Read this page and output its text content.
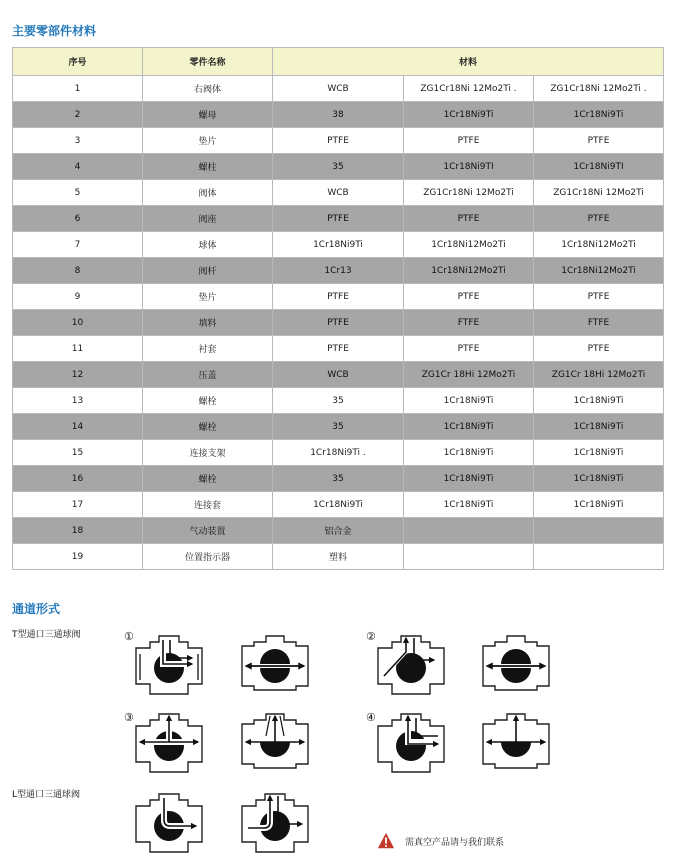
主要零部件材料
序号	零件名称	材料		
1	右阀体	WCB	ZG1Cr18Ni 12Mo2Ti .	ZG1Cr18Ni 12Mo2Ti .
2	螺母	38	1Cr18Ni9Ti	1Cr18Ni9Ti
3	垫片	PTFE	PTFE	PTFE
4	螺柱	35	1Cr18Ni9TI	1Cr18Ni9TI
5	阀体	WCB	ZG1Cr18Ni 12Mo2Ti	ZG1Cr18Ni 12Mo2Ti
6	阀座	PTFE	PTFE	PTFE
7	球体	1Cr18Ni9Ti	1Cr18Ni12Mo2Ti	1Cr18Ni12Mo2Ti
8	阀杆	1Cr13	1Cr18Ni12Mo2Ti	1Cr18Ni12Mo2Ti
9	垫片	PTFE	PTFE	PTFE
10	填料	PTFE	FTFE	FTFE
11	衬套	PTFE	PTFE	PTFE
12	压盖	WCB	ZG1Cr 18Hi 12Mo2Ti	ZG1Cr 18Hi 12Mo2Ti
13	螺栓	35	1Cr18Ni9Ti	1Cr18Ni9Ti
14	螺栓	35	1Cr18Ni9Ti	1Cr18Ni9Ti
15	连接支架	1Cr18Ni9Ti .	1Cr18Ni9Ti	1Cr18Ni9Ti
16	螺栓	35	1Cr18Ni9Ti	1Cr18Ni9Ti
17	连接套	1Cr18Ni9Ti	1Cr18Ni9Ti	1Cr18Ni9Ti
18	气动装置	铝合金		
19	位置指示器	塑料		
通道形式
T型通口三通球阀
L型通口三通球阀
①	②
③	④
需真空产品请与我们联系
